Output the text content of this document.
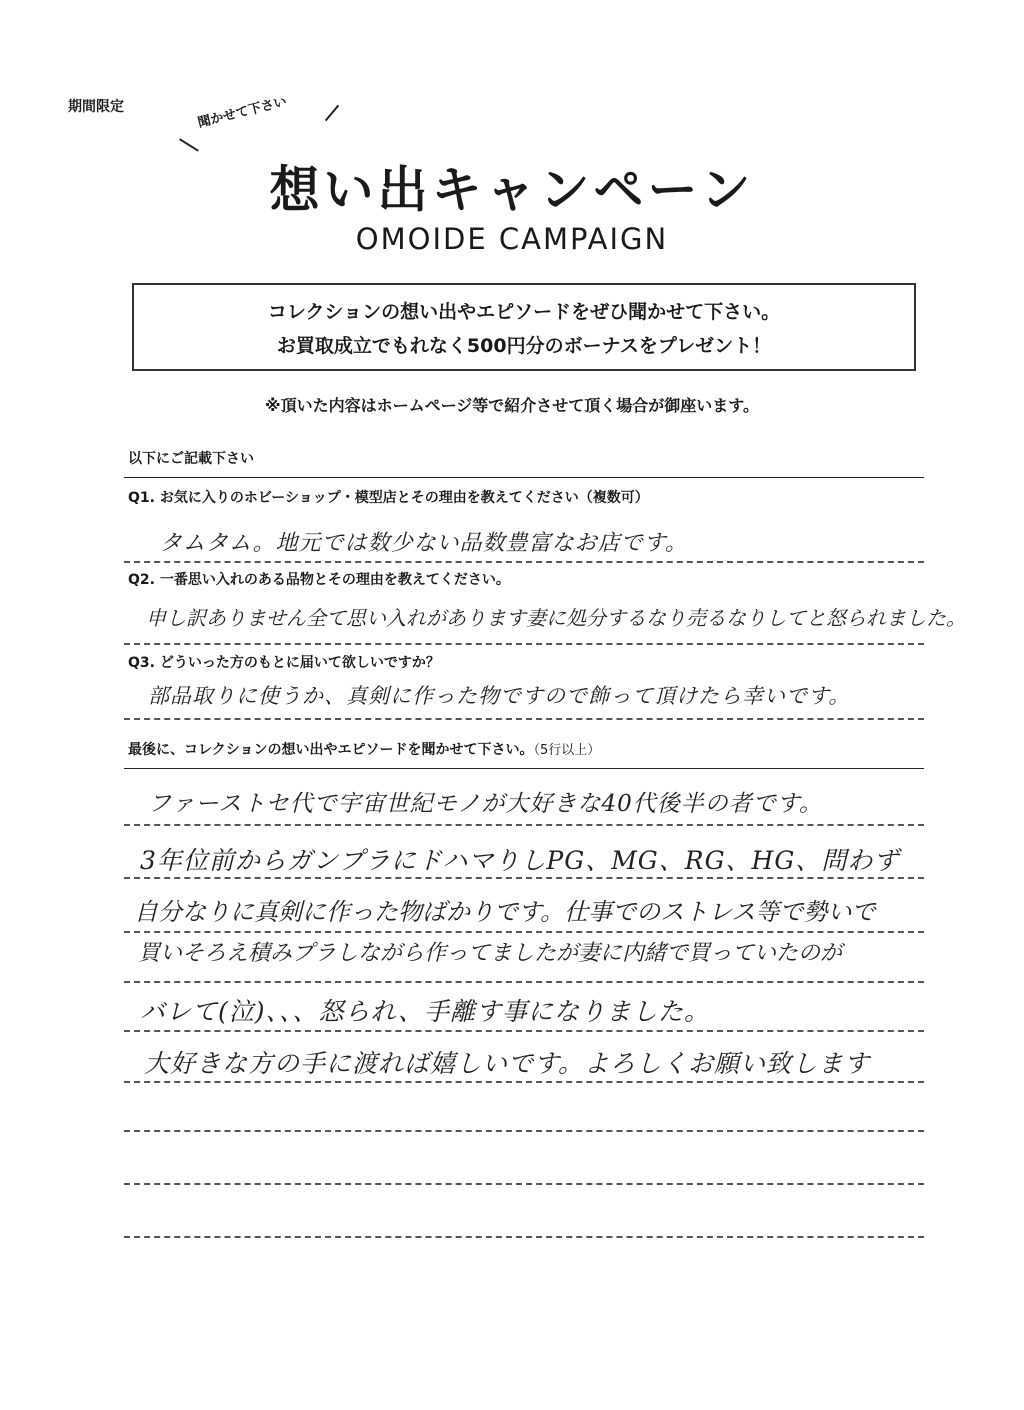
期間限定	聞かせて下さい
想い出キャンペーン
OMOIDE CAMPAIGN
コレクションの想い出やエピソードをぜひ聞かせて下さい。
お買取成立でもれなく500円分のボーナスをプレゼント！
※頂いた内容はホームページ等で紹介させて頂く場合が御座います。
以下にご記載下さい
Q1. お気に入りのホビーショップ・模型店とその理由を教えてください（複数可）
タムタム。地元では数少ない品数豊富なお店です。
Q2. 一番思い入れのある品物とその理由を教えてください。
申し訳ありません全て思い入れがあります妻に処分するなり売るなりしてと怒られました。
Q3. どういった方のもとに届いて欲しいですか？
部品取りに使うか、真剣に作った物ですので飾って頂けたら幸いです。
最後に、コレクションの想い出やエピソードを聞かせて下さい。（5行以上）
ファーストセ代で宇宙世紀モノが大好きな40代後半の者です。
3年位前からガンプラにドハマりしPG、MG、RG、HG、問わず
自分なりに真剣に作った物ばかりです。仕事でのストレス等で勢いで
買いそろえ積みプラしながら作ってましたが妻に内緒で買っていたのが
バレて(泣)、、、怒られ、手離す事になりました。
大好きな方の手に渡れば嬉しいです。よろしくお願い致します
